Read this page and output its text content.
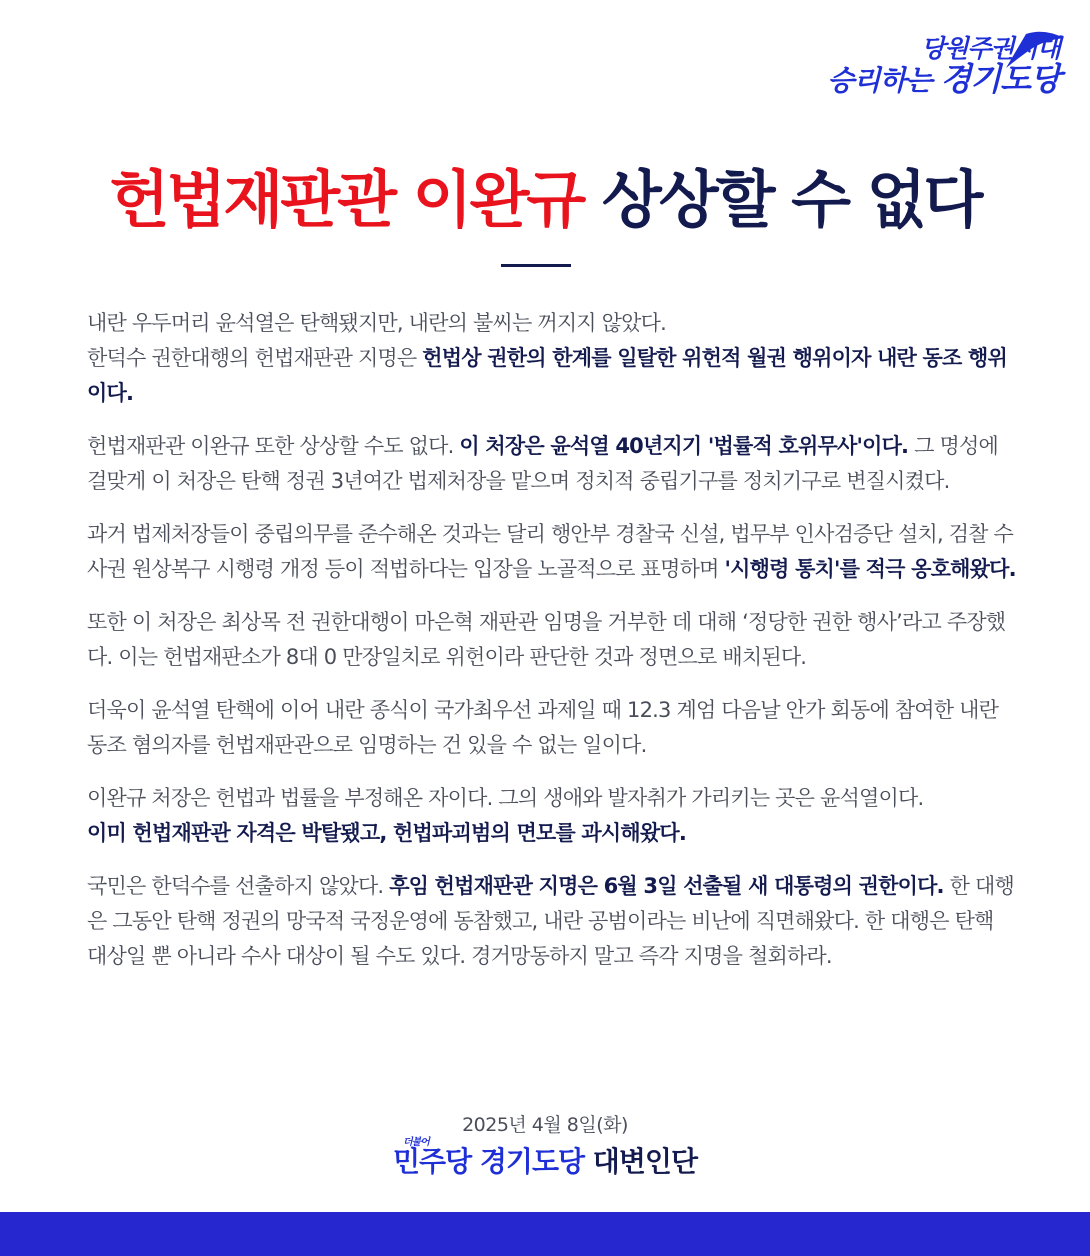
당원주권시대
승리하는 경기도당
헌법재판관 이완규 상상할 수 없다

내란 우두머리 윤석열은 탄핵됐지만, 내란의 불씨는 꺼지지 않았다.
한덕수 권한대행의 헌법재판관 지명은 헌법상 권한의 한계를 일탈한 위헌적 월권 행위이자 내란 동조 행위이다.

헌법재판관 이완규 또한 상상할 수도 없다. 이 처장은 윤석열 40년지기 '법률적 호위무사'이다. 그 명성에 걸맞게 이 처장은 탄핵 정권 3년여간 법제처장을 맡으며 정치적 중립기구를 정치기구로 변질시켰다.

과거 법제처장들이 중립의무를 준수해온 것과는 달리 행안부 경찰국 신설, 법무부 인사검증단 설치, 검찰 수사권 원상복구 시행령 개정 등이 적법하다는 입장을 노골적으로 표명하며 '시행령 통치'를 적극 옹호해왔다.

또한 이 처장은 최상목 전 권한대행이 마은혁 재판관 임명을 거부한 데 대해 ‘정당한 권한 행사’라고 주장했다. 이는 헌법재판소가 8대 0 만장일치로 위헌이라 판단한 것과 정면으로 배치된다.

더욱이 윤석열 탄핵에 이어 내란 종식이 국가최우선 과제일 때 12.3 계엄 다음날 안가 회동에 참여한 내란 동조 혐의자를 헌법재판관으로 임명하는 건 있을 수 없는 일이다.

이완규 처장은 헌법과 법률을 부정해온 자이다. 그의 생애와 발자취가 가리키는 곳은 윤석열이다.
이미 헌법재판관 자격은 박탈됐고, 헌법파괴범의 면모를 과시해왔다.

국민은 한덕수를 선출하지 않았다. 후임 헌법재판관 지명은 6월 3일 선출될 새 대통령의 권한이다. 한 대행은 그동안 탄핵 정권의 망국적 국정운영에 동참했고, 내란 공범이라는 비난에 직면해왔다. 한 대행은 탄핵 대상일 뿐 아니라 수사 대상이 될 수도 있다. 경거망동하지 말고 즉각 지명을 철회하라.

2025년 4월 8일(화)
더불어
민주당 경기도당 대변인단
